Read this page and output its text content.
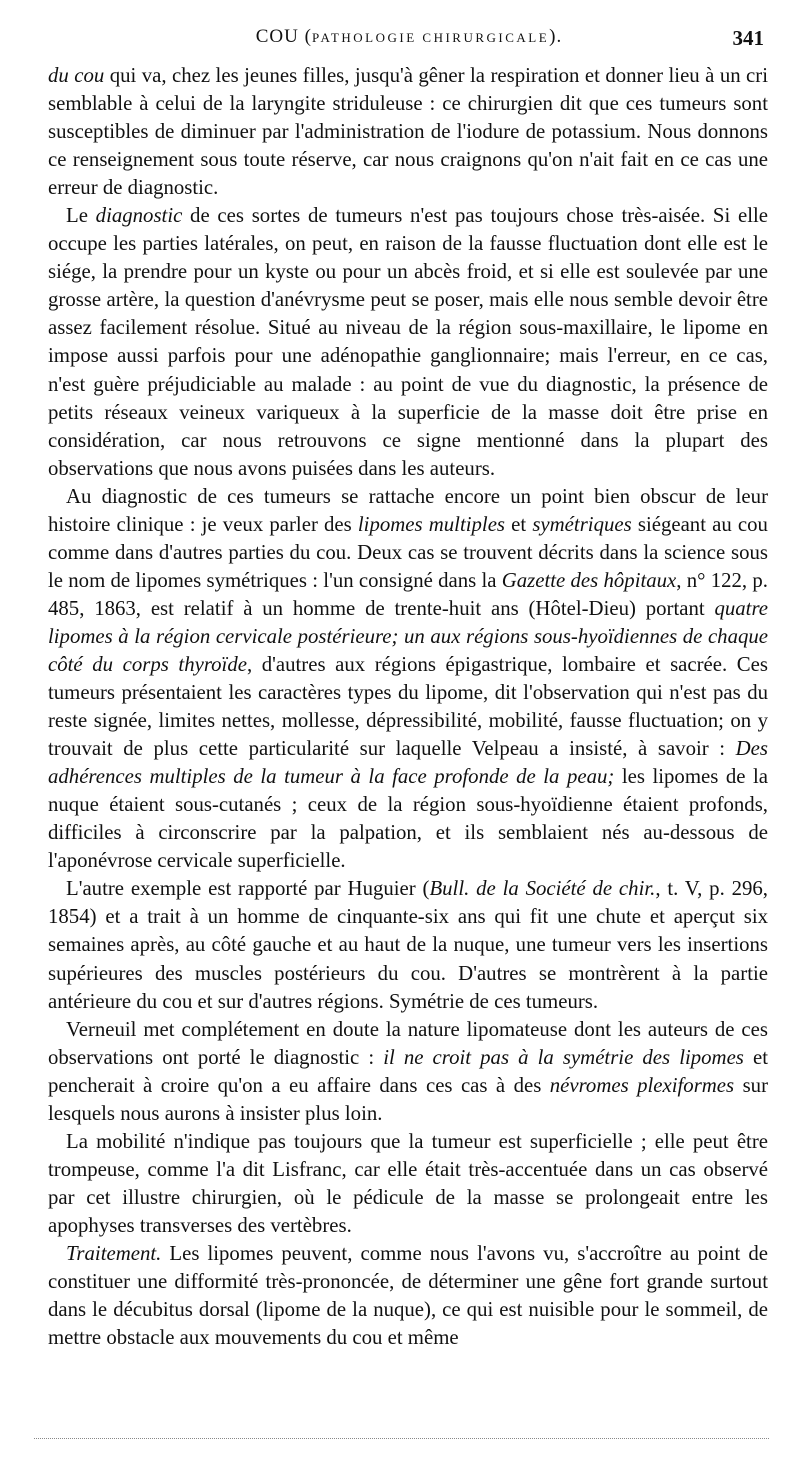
COU (PATHOLOGIE CHIRURGICALE).	341

du cou qui va, chez les jeunes filles, jusqu'à gêner la respiration et donner lieu à un cri semblable à celui de la laryngite striduleuse : ce chirurgien dit que ces tumeurs sont susceptibles de diminuer par l'administration de l'iodure de potassium. Nous donnons ce renseignement sous toute réserve, car nous craignons qu'on n'ait fait en ce cas une erreur de diagnostic.

Le diagnostic de ces sortes de tumeurs n'est pas toujours chose très-aisée. Si elle occupe les parties latérales, on peut, en raison de la fausse fluctuation dont elle est le siége, la prendre pour un kyste ou pour un abcès froid, et si elle est soulevée par une grosse artère, la question d'anévrysme peut se poser, mais elle nous semble devoir être assez facilement résolue. Situé au niveau de la région sous-maxillaire, le lipome en impose aussi parfois pour une adénopathie ganglionnaire; mais l'erreur, en ce cas, n'est guère préjudiciable au malade : au point de vue du diagnostic, la présence de petits réseaux veineux variqueux à la superficie de la masse doit être prise en considération, car nous retrouvons ce signe mentionné dans la plupart des observations que nous avons puisées dans les auteurs.

Au diagnostic de ces tumeurs se rattache encore un point bien obscur de leur histoire clinique : je veux parler des lipomes multiples et symétriques siégeant au cou comme dans d'autres parties du cou. Deux cas se trouvent décrits dans la science sous le nom de lipomes symétriques : l'un consigné dans la Gazette des hôpitaux, n° 122, p. 485, 1863, est relatif à un homme de trente-huit ans (Hôtel-Dieu) portant quatre lipomes à la région cervicale postérieure; un aux régions sous-hyoïdiennes de chaque côté du corps thyroïde, d'autres aux régions épigastrique, lombaire et sacrée. Ces tumeurs présentaient les caractères types du lipome, dit l'observation qui n'est pas du reste signée, limites nettes, mollesse, dépressibilité, mobilité, fausse fluctuation; on y trouvait de plus cette particularité sur laquelle Velpeau a insisté, à savoir : Des adhérences multiples de la tumeur à la face profonde de la peau; les lipomes de la nuque étaient sous-cutanés ; ceux de la région sous-hyoïdienne étaient profonds, difficiles à circonscrire par la palpation, et ils semblaient nés au-dessous de l'aponévrose cervicale superficielle.

L'autre exemple est rapporté par Huguier (Bull. de la Société de chir., t. V, p. 296, 1854) et a trait à un homme de cinquante-six ans qui fit une chute et aperçut six semaines après, au côté gauche et au haut de la nuque, une tumeur vers les insertions supérieures des muscles postérieurs du cou. D'autres se montrèrent à la partie antérieure du cou et sur d'autres régions. Symétrie de ces tumeurs.

Verneuil met complétement en doute la nature lipomateuse dont les auteurs de ces observations ont porté le diagnostic : il ne croit pas à la symétrie des lipomes et pencherait à croire qu'on a eu affaire dans ces cas à des névromes plexiformes sur lesquels nous aurons à insister plus loin.

La mobilité n'indique pas toujours que la tumeur est superficielle ; elle peut être trompeuse, comme l'a dit Lisfranc, car elle était très-accentuée dans un cas observé par cet illustre chirurgien, où le pédicule de la masse se prolongeait entre les apophyses transverses des vertèbres.

Traitement. Les lipomes peuvent, comme nous l'avons vu, s'accroître au point de constituer une difformité très-prononcée, de déterminer une gêne fort grande surtout dans le décubitus dorsal (lipome de la nuque), ce qui est nuisible pour le sommeil, de mettre obstacle aux mouvements du cou et même
